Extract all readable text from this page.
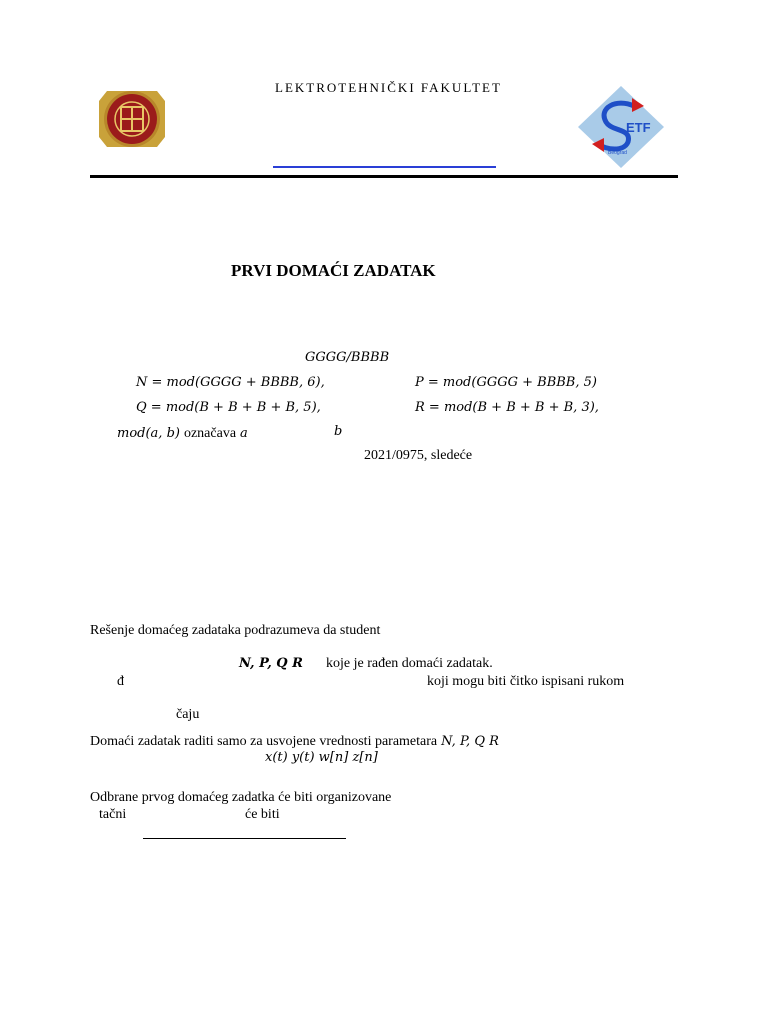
LEKTROTEHNIČKI FAKULTET
ETF
Beograd
PRVI DOMAĆI ZADATAK
GGGG/BBBB
N = mod(GGGG + BBBB, 6),	P = mod(GGGG + BBBB, 5)
Q = mod(B + B + B + B, 5),	R = mod(B + B + B + B, 3),
mod(a, b) označava a	b
2021/0975, sledeće
Rešenje domaćeg zadataka podrazumeva da student
N, P, Q R koje je rađen domaći zadatak.
đ	koji mogu biti čitko ispisani rukom
čaju
Domaći zadatak raditi samo za usvojene vrednosti parametara N, P, Q R
x(t) y(t) w[n] z[n]
Odbrane prvog domaćeg zadatka će biti organizovane
tačni	će biti
